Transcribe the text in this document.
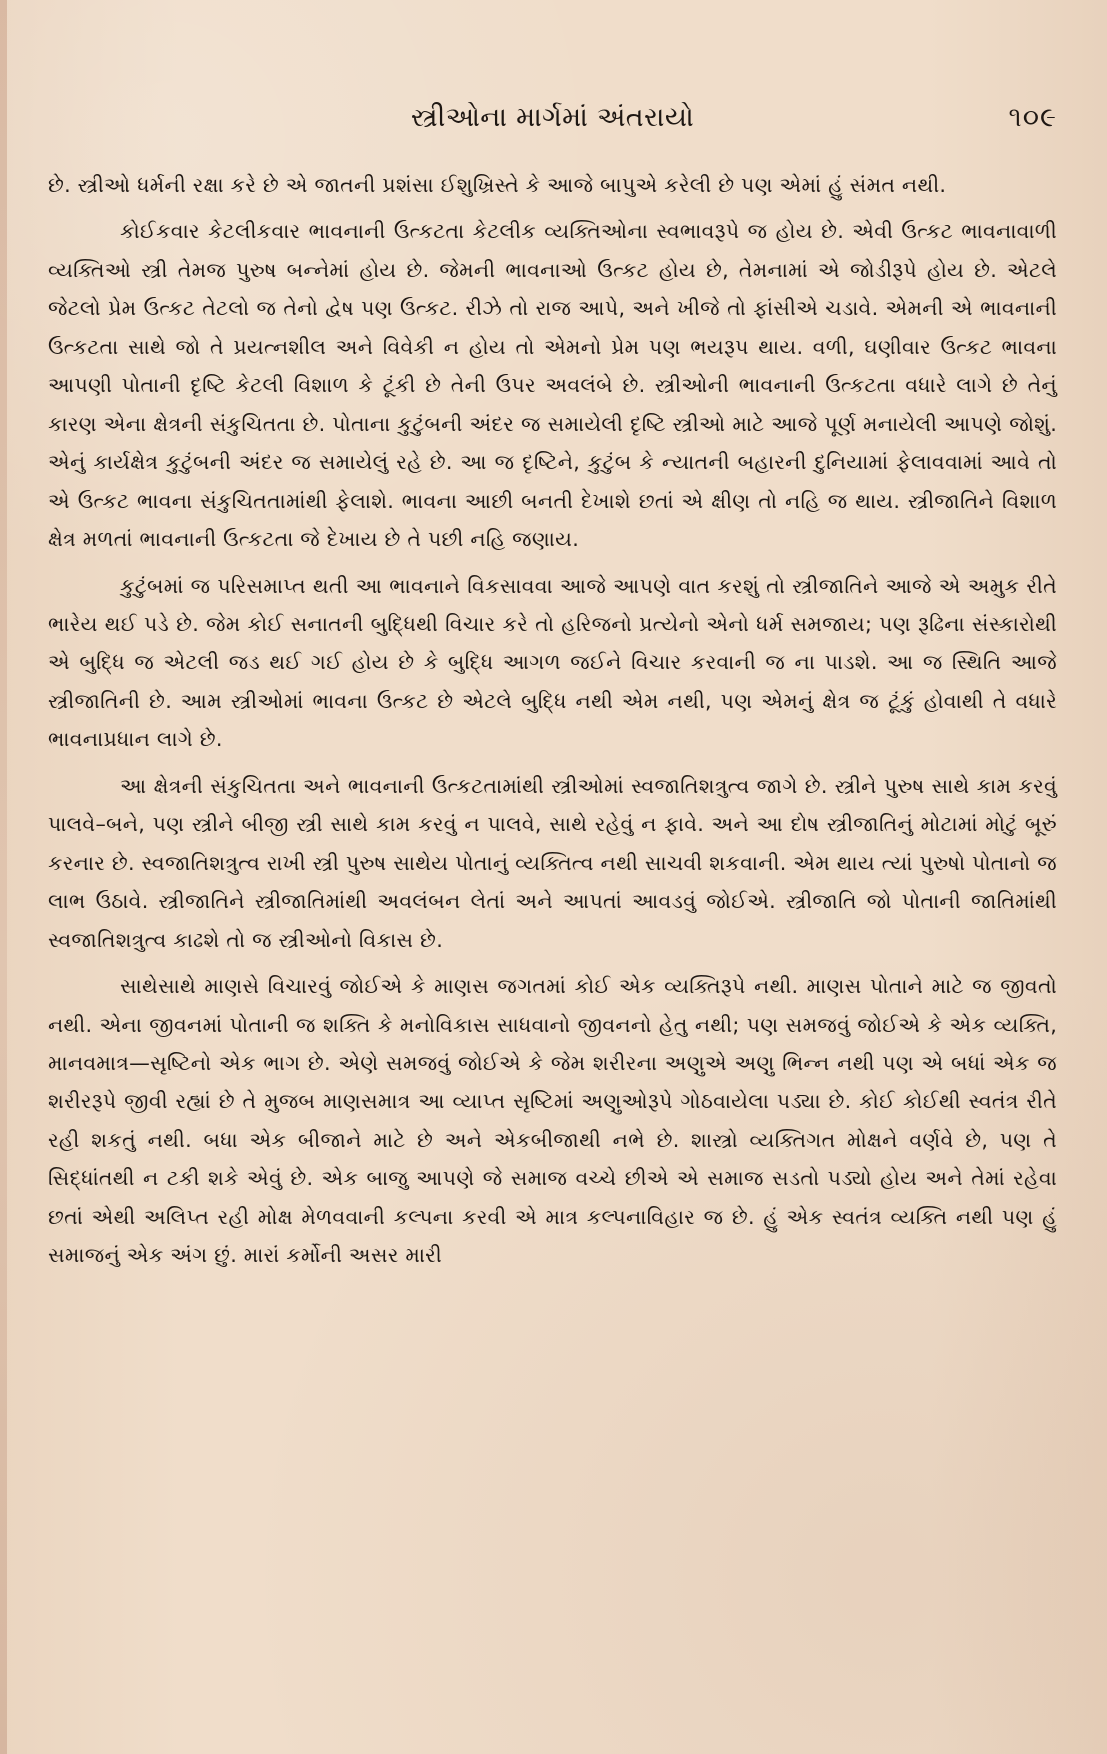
સ્ત્રીઓના માર્ગમાં અંતરાયો	૧૦૯

છે. સ્ત્રીઓ ધર્મની રક્ષા કરે છે એ જાતની પ્રશંસા ઈશુખ્રિસ્તે કે આજે બાપુએ કરેલી છે પણ એમાં હું સંમત નથી.

કોઈકવાર કેટલીકવાર ભાવનાની ઉત્કટતા કેટલીક વ્યક્તિઓના સ્વભાવરૂપે જ હોય છે. એવી ઉત્કટ ભાવનાવાળી વ્યક્તિઓ સ્ત્રી તેમજ પુરુષ બન્નેમાં હોય છે. જેમની ભાવનાઓ ઉત્કટ હોય છે, તેમનામાં એ જોડીરૂપે હોય છે. એટલે જેટલો પ્રેમ ઉત્કટ તેટલો જ તેનો દ્વેષ પણ ઉત્કટ. રીઝે તો રાજ આપે, અને ખીજે તો ફાંસીએ ચડાવે. એમની એ ભાવનાની ઉત્કટતા સાથે જો તે પ્રયત્નશીલ અને વિવેકી ન હોય તો એમનો પ્રેમ પણ ભયરૂપ થાય. વળી, ઘણીવાર ઉત્કટ ભાવના આપણી પોતાની દૃષ્ટિ કેટલી વિશાળ કે ટૂંકી છે તેની ઉપર અવલંબે છે. સ્ત્રીઓની ભાવનાની ઉત્કટતા વધારે લાગે છે તેનું કારણ એના ક્ષેત્રની સંકુચિતતા છે. પોતાના કુટુંબની અંદર જ સમાયેલી દૃષ્ટિ સ્ત્રીઓ માટે આજે પૂર્ણ મનાયેલી આપણે જોશું. એનું કાર્યક્ષેત્ર કુટુંબની અંદર જ સમાયેલું રહે છે. આ જ દૃષ્ટિને, કુટુંબ કે ન્યાતની બહારની દુનિયામાં ફેલાવવામાં આવે તો એ ઉત્કટ ભાવના સંકુચિતતામાંથી ફેલાશે. ભાવના આછી બનતી દેખાશે છતાં એ ક્ષીણ તો નહિ જ થાય. સ્ત્રીજાતિને વિશાળ ક્ષેત્ર મળતાં ભાવનાની ઉત્કટતા જે દેખાય છે તે પછી નહિ જણાય.

કુટુંબમાં જ પરિસમાપ્ત થતી આ ભાવનાને વિકસાવવા આજે આપણે વાત કરશું તો સ્ત્રીજાતિને આજે એ અમુક રીતે ભારેય થઈ પડે છે. જેમ કોઈ સનાતની બુદ્ધિથી વિચાર કરે તો હરિજનો પ્રત્યેનો એનો ધર્મ સમજાય; પણ રૂઢિના સંસ્કારોથી એ બુદ્ધિ જ એટલી જડ થઈ ગઈ હોય છે કે બુદ્ધિ આગળ જઈને વિચાર કરવાની જ ના પાડશે. આ જ સ્થિતિ આજે સ્ત્રીજાતિની છે. આમ સ્ત્રીઓમાં ભાવના ઉત્કટ છે એટલે બુદ્ધિ નથી એમ નથી, પણ એમનું ક્ષેત્ર જ ટૂંકું હોવાથી તે વધારે ભાવનાપ્રધાન લાગે છે.

આ ક્ષેત્રની સંકુચિતતા અને ભાવનાની ઉત્કટતામાંથી સ્ત્રીઓમાં સ્વજાતિશત્રુત્વ જાગે છે. સ્ત્રીને પુરુષ સાથે કામ કરવું પાલવે–બને, પણ સ્ત્રીને બીજી સ્ત્રી સાથે કામ કરવું ન પાલવે, સાથે રહેવું ન ફાવે. અને આ દોષ સ્ત્રીજાતિનું મોટામાં મોટું બૂરું કરનાર છે. સ્વજાતિશત્રુત્વ રાખી સ્ત્રી પુરુષ સાથેય પોતાનું વ્યક્તિત્વ નથી સાચવી શકવાની. એમ થાય ત્યાં પુરુષો પોતાનો જ લાભ ઉઠાવે. સ્ત્રીજાતિને સ્ત્રીજાતિમાંથી અવલંબન લેતાં અને આપતાં આવડવું જોઈએ. સ્ત્રીજાતિ જો પોતાની જાતિમાંથી સ્વજાતિશત્રુત્વ કાઢશે તો જ સ્ત્રીઓનો વિકાસ છે.

સાથેસાથે માણસે વિચારવું જોઈએ કે માણસ જગતમાં કોઈ એક વ્યક્તિરૂપે નથી. માણસ પોતાને માટે જ જીવતો નથી. એના જીવનમાં પોતાની જ શક્તિ કે મનોવિકાસ સાધવાનો જીવનનો હેતુ નથી; પણ સમજવું જોઈએ કે એક વ્યક્તિ, માનવમાત્ર—સૃષ્ટિનો એક ભાગ છે. એણે સમજવું જોઈએ કે જેમ શરીરના અણુએ અણુ ભિન્ન નથી પણ એ બધાં એક જ શરીરરૂપે જીવી રહ્યાં છે તે મુજબ માણસમાત્ર આ વ્યાપ્ત સૃષ્ટિમાં અણુઓરૂપે ગોઠવાયેલા પડ્યા છે. કોઈ કોઈથી સ્વતંત્ર રીતે રહી શકતું નથી. બધા એક બીજાને માટે છે અને એકબીજાથી નભે છે. શાસ્ત્રો વ્યક્તિગત મોક્ષને વર્ણવે છે, પણ તે સિદ્ધાંતથી ન ટકી શકે એવું છે. એક બાજુ આપણે જે સમાજ વચ્ચે છીએ એ સમાજ સડતો પડ્યો હોય અને તેમાં રહેવા છતાં એથી અલિપ્ત રહી મોક્ષ મેળવવાની કલ્પના કરવી એ માત્ર કલ્પનાવિહાર જ છે. હું એક સ્વતંત્ર વ્યક્તિ નથી પણ હું સમાજનું એક અંગ છું. મારાં કર્મોની અસર મારી
